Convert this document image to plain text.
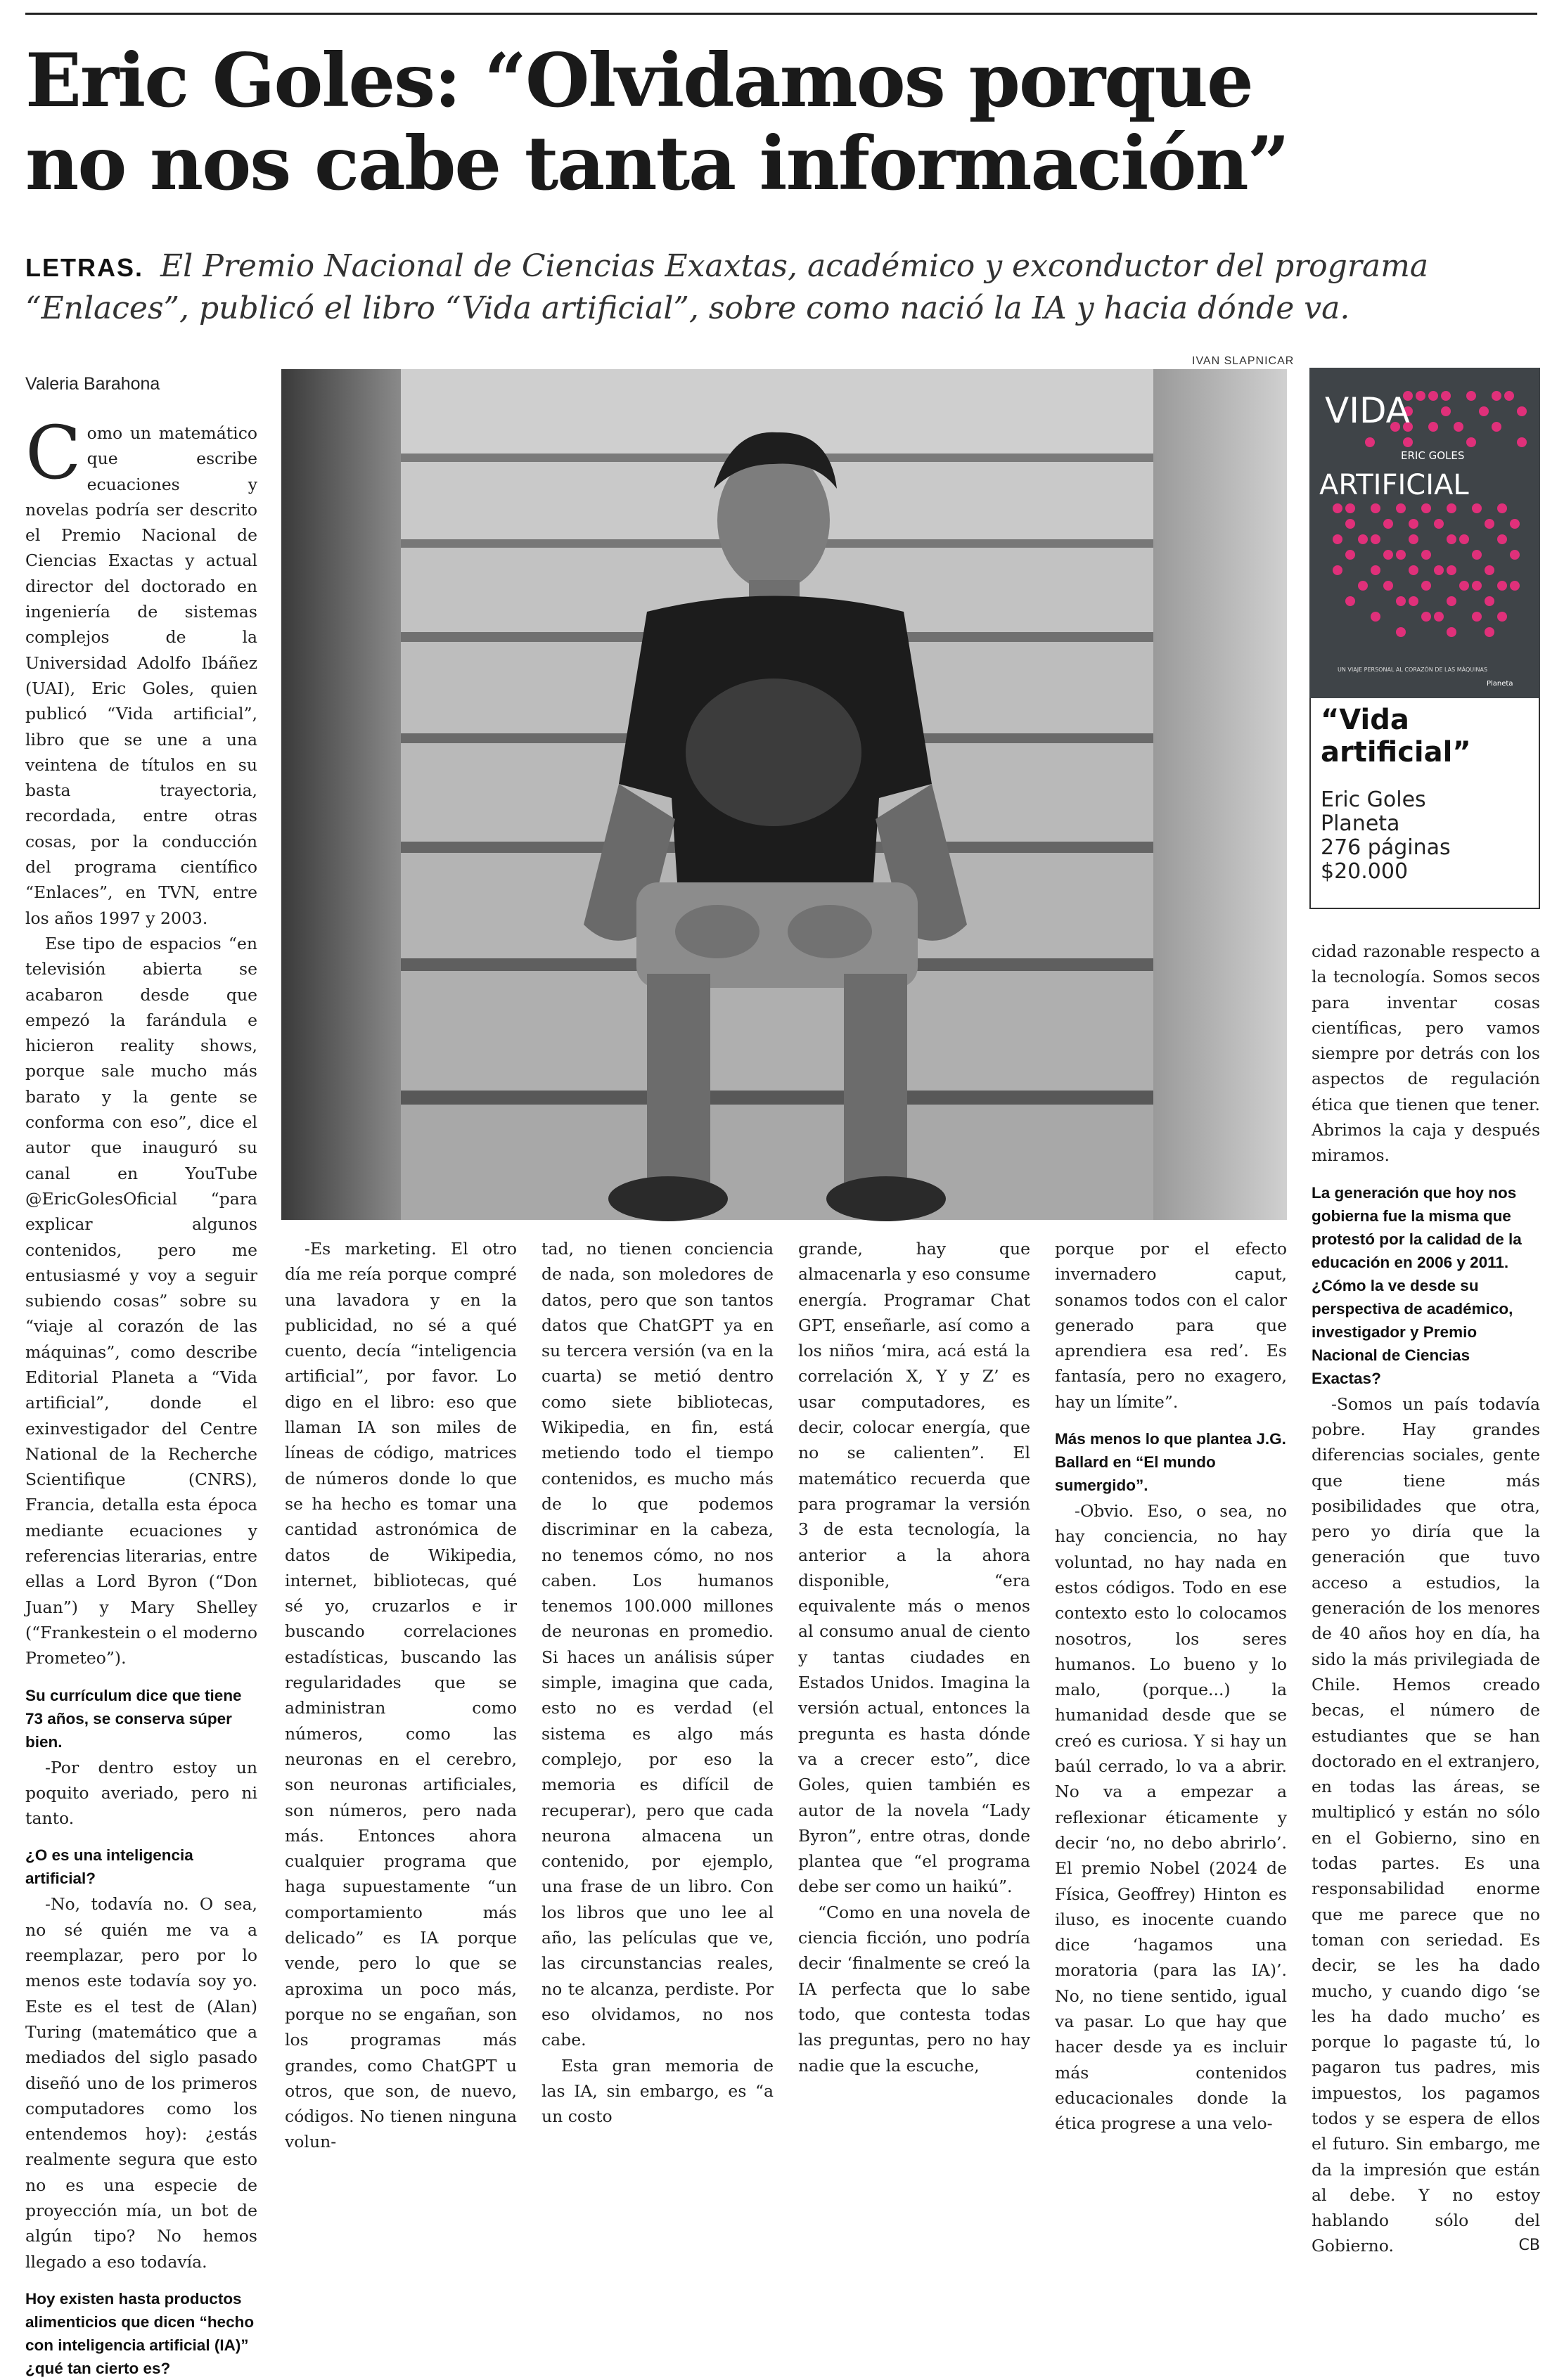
Eric Goles: “Olvidamos porque
no nos cabe tanta información”
LETRAS. El Premio Nacional de Ciencias Exaxtas, académico y exconductor del programa “Enlaces”, publicó el libro “Vida artificial”, sobre como nació la IA y hacia dónde va.
Valeria Barahona
IVAN SLAPNICAR
VIDA
ERIC GOLES
ARTIFICIAL
UN VIAJE PERSONAL AL CORAZÓN DE LAS MÁQUINAS
Planeta
“Vida artificial”
Eric Goles
Planeta
276 páginas
$20.000

Como un matemático que escribe ecuaciones y novelas podría ser descrito el Premio Nacional de Ciencias Exactas y actual director del doctorado en ingeniería de sistemas complejos de la Universidad Adolfo Ibáñez (UAI), Eric Goles, quien publicó “Vida artificial”, libro que se une a una veintena de títulos en su basta trayectoria, recordada, entre otras cosas, por la conducción del programa científico “Enlaces”, en TVN, entre los años 1997 y 2003.

Ese tipo de espacios “en televisión abierta se acabaron desde que empezó la farándula e hicieron reality shows, porque sale mucho más barato y la gente se conforma con eso”, dice el autor que inauguró su canal en YouTube @EricGolesOficial “para explicar algunos contenidos, pero me entusiasmé y voy a seguir subiendo cosas” sobre su “viaje al corazón de las máquinas”, como describe Editorial Planeta a “Vida artificial”, donde el exinvestigador del Centre National de la Recherche Scientifique (CNRS), Francia, detalla esta época mediante ecuaciones y referencias literarias, entre ellas a Lord Byron (“Don Juan”) y Mary Shelley (“Frankestein o el moderno Prometeo”).

Su currículum dice que tiene 73 años, se conserva súper bien.

-Por dentro estoy un poquito averiado, pero ni tanto.

¿O es una inteligencia artificial?

-No, todavía no. O sea, no sé quién me va a reemplazar, pero por lo menos este todavía soy yo. Este es el test de (Alan) Turing (matemático que a mediados del siglo pasado diseñó uno de los primeros computadores como los entendemos hoy): ¿estás realmente segura que esto no es una especie de proyección mía, un bot de algún tipo? No hemos llegado a eso todavía.

Hoy existen hasta productos alimenticios que dicen “hecho con inteligencia artificial (IA)” ¿qué tan cierto es?

-Es marketing. El otro día me reía porque compré una lavadora y en la publicidad, no sé a qué cuento, decía “inteligencia artificial”, por favor. Lo digo en el libro: eso que llaman IA son miles de líneas de código, matrices de números donde lo que se ha hecho es tomar una cantidad astronómica de datos de Wikipedia, internet, bibliotecas, qué sé yo, cruzarlos e ir buscando correlaciones estadísticas, buscando las regularidades que se administran como números, como las neuronas en el cerebro, son neuronas artificiales, son números, pero nada más. Entonces ahora cualquier programa que haga supuestamente “un comportamiento más delicado” es IA porque vende, pero lo que se aproxima un poco más, porque no se engañan, son los programas más grandes, como ChatGPT u otros, que son, de nuevo, códigos. No tienen ninguna volun-

tad, no tienen conciencia de nada, son moledores de datos, pero que son tantos datos que ChatGPT ya en su tercera versión (va en la cuarta) se metió dentro como siete bibliotecas, Wikipedia, en fin, está metiendo todo el tiempo contenidos, es mucho más de lo que podemos discriminar en la cabeza, no tenemos cómo, no nos caben. Los humanos tenemos 100.000 millones de neuronas en promedio. Si haces un análisis súper simple, imagina que cada, esto no es verdad (el sistema es algo más complejo, por eso la memoria es difícil de recuperar), pero que cada neurona almacena un contenido, por ejemplo, una frase de un libro. Con los libros que uno lee al año, las películas que ve, las circunstancias reales, no te alcanza, perdiste. Por eso olvidamos, no nos cabe.

Esta gran memoria de las IA, sin embargo, es “a un costo

grande, hay que almacenarla y eso consume energía. Programar Chat GPT, enseñarle, así como a los niños ‘mira, acá está la correlación X, Y y Z’ es usar computadores, es decir, colocar energía, que no se calienten”. El matemático recuerda que para programar la versión 3 de esta tecnología, la anterior a la ahora disponible, “era equivalente más o menos al consumo anual de ciento y tantas ciudades en Estados Unidos. Imagina la versión actual, entonces la pregunta es hasta dónde va a crecer esto”, dice Goles, quien también es autor de la novela “Lady Byron”, entre otras, donde plantea que “el programa debe ser como un haikú”.

“Como en una novela de ciencia ficción, uno podría decir ‘finalmente se creó la IA perfecta que lo sabe todo, que contesta todas las preguntas, pero no hay nadie que la escuche,

porque por el efecto invernadero caput, sonamos todos con el calor generado para que aprendiera esa red’. Es fantasía, pero no exagero, hay un límite”.

Más menos lo que plantea J.G. Ballard en “El mundo sumergido”.

-Obvio. Eso, o sea, no hay conciencia, no hay voluntad, no hay nada en estos códigos. Todo en ese contexto esto lo colocamos nosotros, los seres humanos. Lo bueno y lo malo, (porque...) la humanidad desde que se creó es curiosa. Y si hay un baúl cerrado, lo va a abrir. No va a empezar a reflexionar éticamente y decir ‘no, no debo abrirlo’. El premio Nobel (2024 de Física, Geoffrey) Hinton es iluso, es inocente cuando dice ‘hagamos una moratoria (para las IA)’. No, no tiene sentido, igual va pasar. Lo que hay que hacer desde ya es incluir más contenidos educacionales donde la ética progrese a una velo-

cidad razonable respecto a la tecnología. Somos secos para inventar cosas científicas, pero vamos siempre por detrás con los aspectos de regulación ética que tienen que tener. Abrimos la caja y después miramos.

La generación que hoy nos gobierna fue la misma que protestó por la calidad de la educación en 2006 y 2011. ¿Cómo la ve desde su perspectiva de académico, investigador y Premio Nacional de Ciencias Exactas?

-Somos un país todavía pobre. Hay grandes diferencias sociales, gente que tiene más posibilidades que otra, pero yo diría que la generación que tuvo acceso a estudios, la generación de los menores de 40 años hoy en día, ha sido la más privilegiada de Chile. Hemos creado becas, el número de estudiantes que se han doctorado en el extranjero, en todas las áreas, se multiplicó y están no sólo en el Gobierno, sino en todas partes. Es una responsabilidad enorme que me parece que no toman con seriedad. Es decir, se les ha dado mucho, y cuando digo ‘se les ha dado mucho’ es porque lo pagaste tú, lo pagaron tus padres, mis impuestos, los pagamos todos y se espera de ellos el futuro. Sin embargo, me da la impresión que están al debe. Y no estoy hablando sólo del Gobierno.	CB
